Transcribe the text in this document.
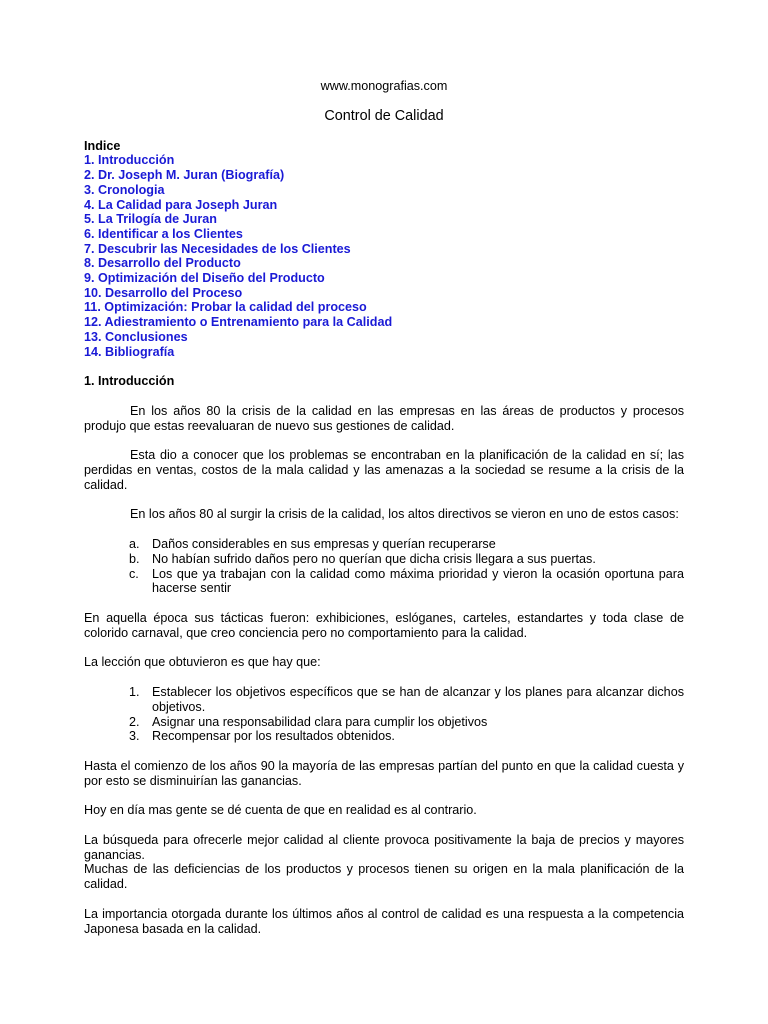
www.monografias.com
Control de Calidad
Indice
1. Introducción
2. Dr. Joseph M. Juran (Biografía)
3. Cronologia
4. La Calidad para Joseph Juran
5. La Trilogía de Juran
6. Identificar a los Clientes
7. Descubrir las Necesidades de los Clientes
8. Desarrollo del Producto
9. Optimización del Diseño del Producto
10. Desarrollo del Proceso
11. Optimización: Probar la calidad del proceso
12. Adiestramiento o Entrenamiento para la Calidad
13. Conclusiones
14. Bibliografía
1. Introducción

En los años 80 la crisis de la calidad en las empresas en las áreas de productos y procesos produjo que estas reevaluaran de nuevo sus gestiones de calidad.

Esta dio a conocer que los problemas se encontraban en la planificación de la calidad en sí; las perdidas en ventas, costos de la mala calidad y las amenazas a la sociedad se resume a la crisis de la calidad.

En los años 80 al surgir la crisis de la calidad, los altos directivos se vieron en uno de estos casos:

a. Daños considerables en sus empresas y querían recuperarse
b. No habían sufrido daños pero no querían que dicha crisis llegara a sus puertas.
c. Los que ya trabajan con la calidad como máxima prioridad y vieron la ocasión oportuna para hacerse sentir

En aquella época sus tácticas fueron: exhibiciones, eslóganes, carteles, estandartes y toda clase de colorido carnaval, que creo conciencia pero no comportamiento para la calidad.

La lección que obtuvieron es que hay que:

1. Establecer los objetivos específicos que se han de alcanzar y los planes para alcanzar dichos objetivos.
2. Asignar una responsabilidad clara para cumplir los objetivos
3. Recompensar por los resultados obtenidos.

Hasta el comienzo de los años 90 la mayoría de las empresas partían del punto en que la calidad cuesta y por esto se disminuirían las ganancias.

Hoy en día mas gente se dé cuenta de que en realidad es al contrario.

La búsqueda para ofrecerle mejor calidad al cliente provoca positivamente la baja de precios y mayores ganancias.
Muchas de las deficiencias de los productos y procesos tienen su origen en la mala planificación de la calidad.

La importancia otorgada durante los últimos años al control de calidad es una respuesta a la competencia Japonesa basada en la calidad.
